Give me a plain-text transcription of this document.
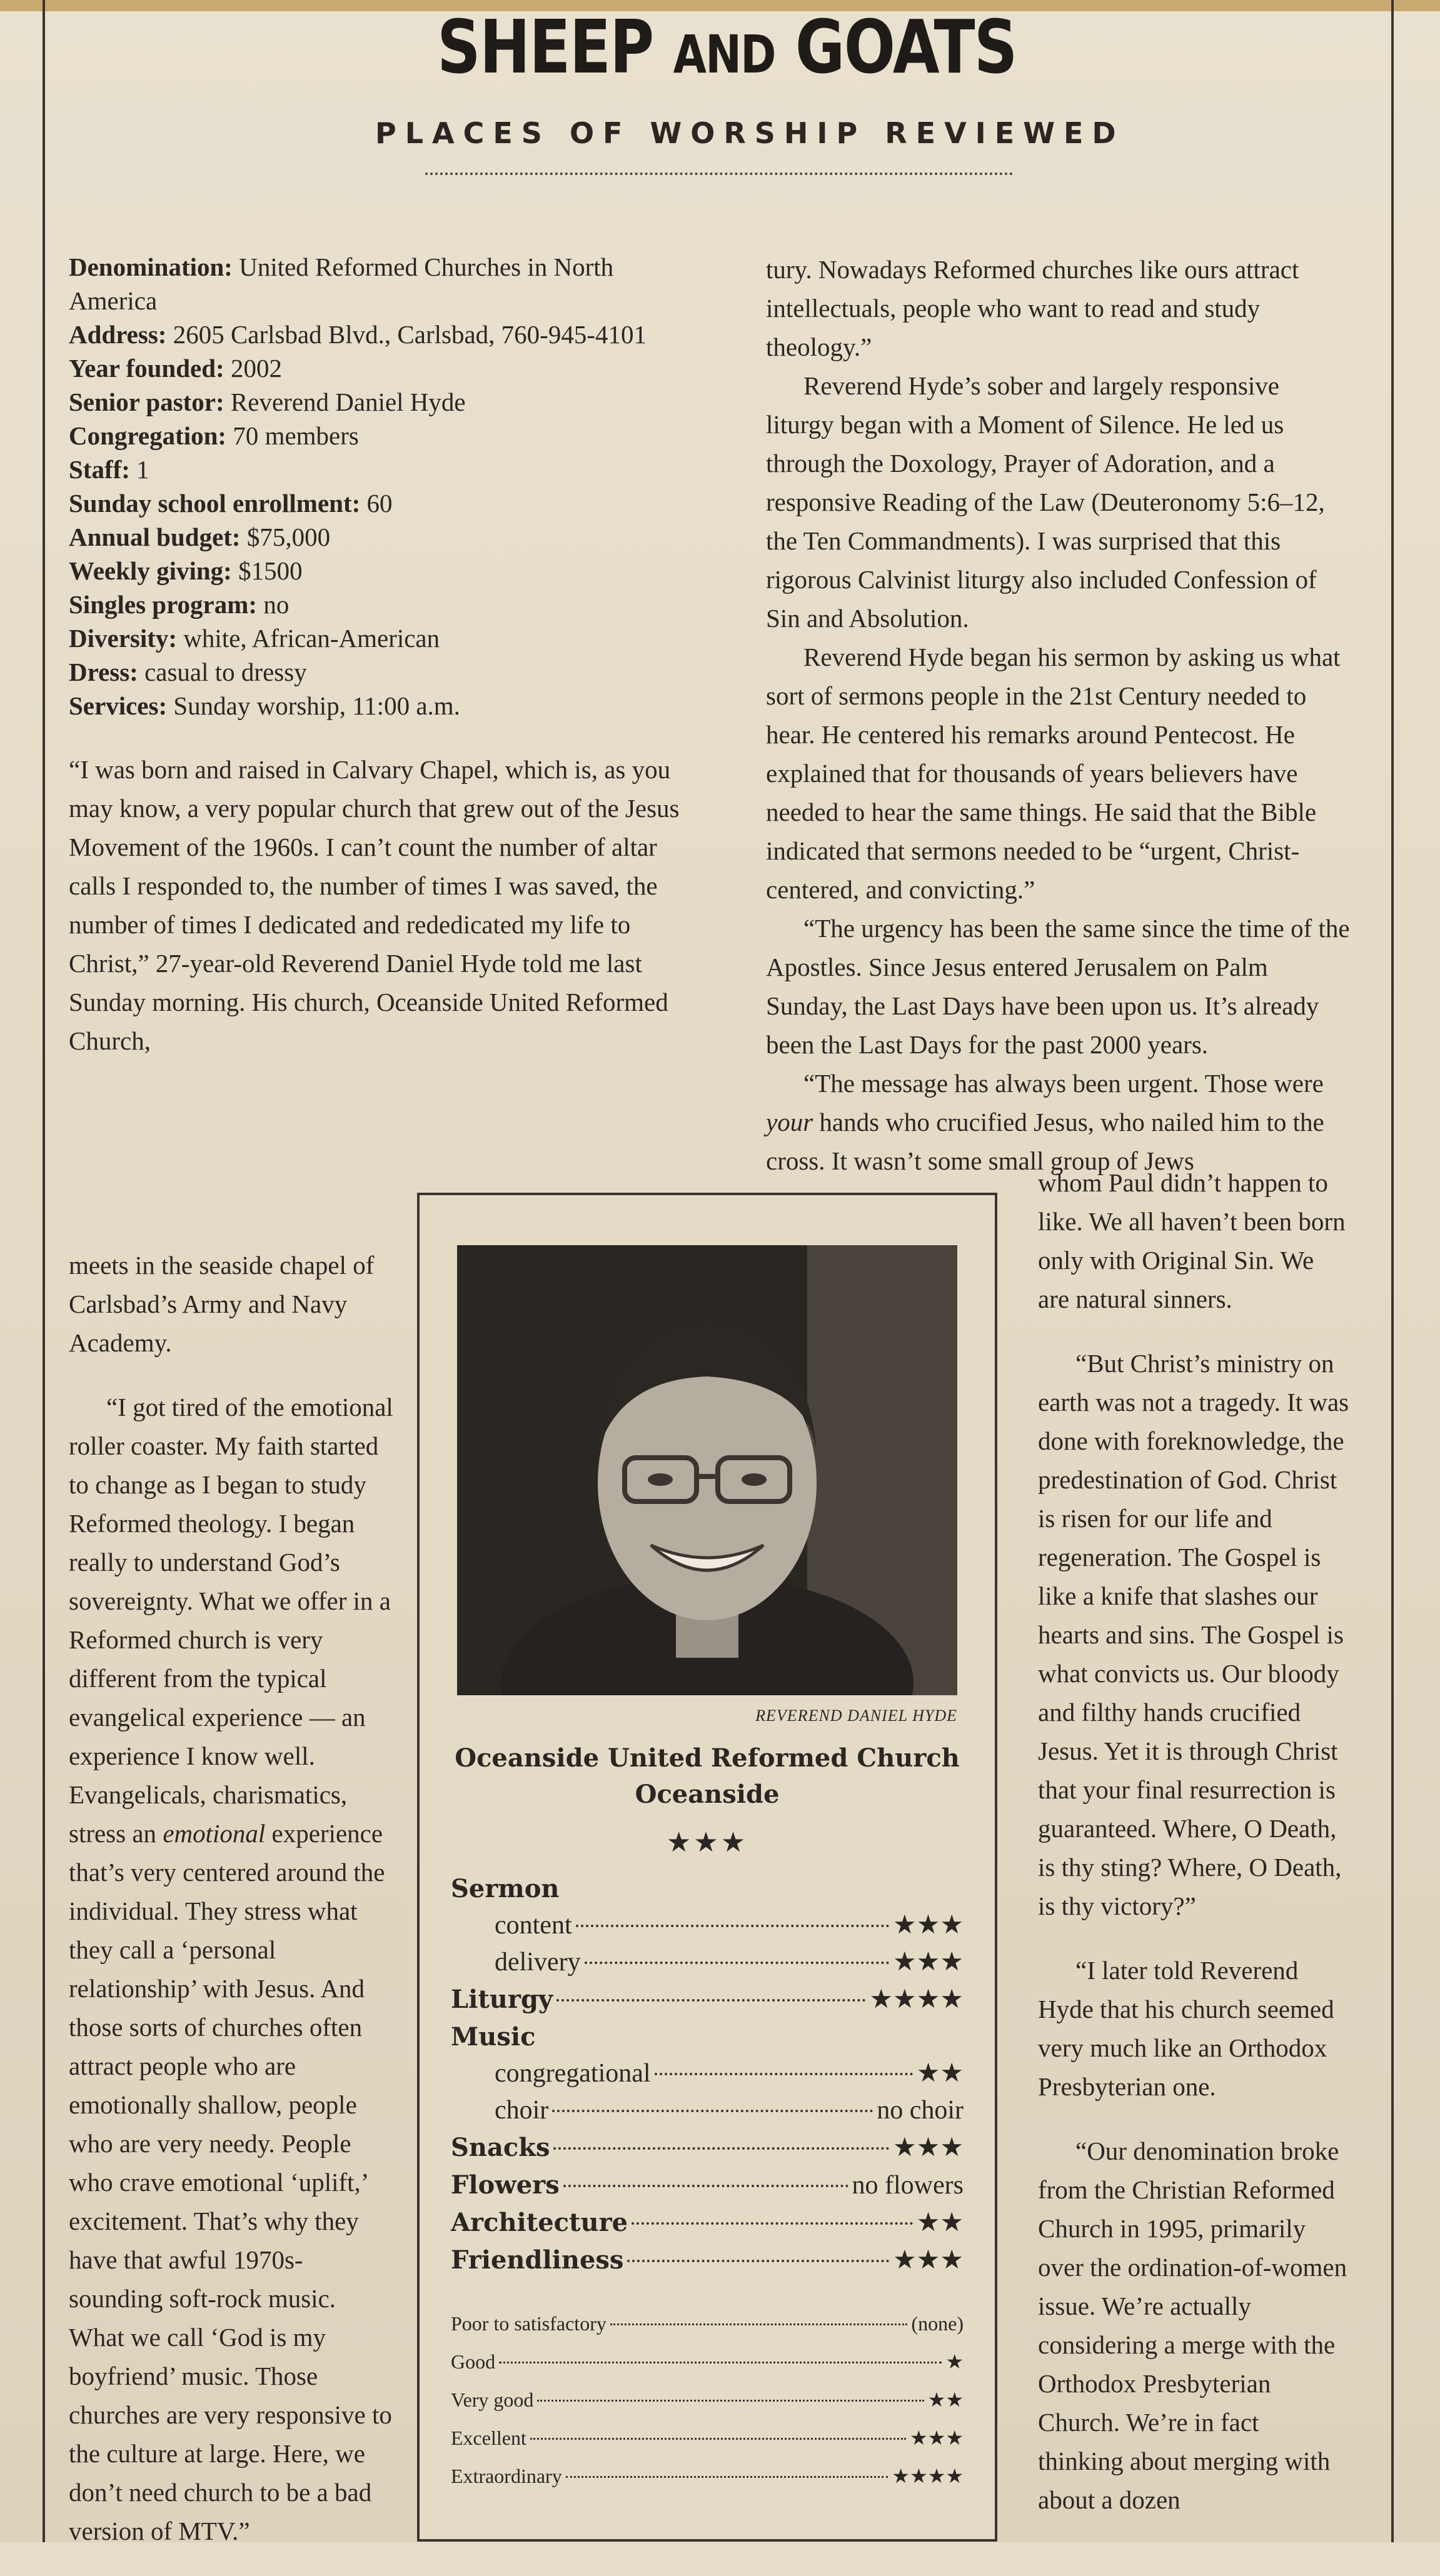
SHEEP AND GOATS
PLACES OF WORSHIP REVIEWED

Denomination: United Reformed Churches in North America

Address: 2605 Carlsbad Blvd., Carlsbad, 760-945-4101

Year founded: 2002

Senior pastor: Reverend Daniel Hyde

Congregation: 70 members

Staff: 1

Sunday school enrollment: 60

Annual budget: $75,000

Weekly giving: $1500

Singles program: no

Diversity: white, African-American

Dress: casual to dressy

Services: Sunday worship, 11:00 a.m.

“I was born and raised in Calvary Chapel, which is, as you may know, a very popular church that grew out of the Jesus Movement of the 1960s. I can’t count the number of altar calls I responded to, the number of times I was saved, the number of times I dedicated and rededicated my life to Christ,” 27-year-old Reverend Daniel Hyde told me last Sunday morning. His church, Oceanside United Reformed Church,

meets in the seaside chapel of Carlsbad’s Army and Navy Academy.

“I got tired of the emotional roller coaster. My faith started to change as I began to study Reformed theology. I began really to understand God’s sovereignty. What we offer in a Reformed church is very different from the typical evangelical experience — an experience I know well. Evangelicals, charismatics, stress an emotional experience that’s very centered around the individual. They stress what they call a ‘personal relationship’ with Jesus. And those sorts of churches often attract people who are emotionally shallow, people who are very needy. People who crave emotional ‘uplift,’ excitement. That’s why they have that awful 1970s-sounding soft-rock music. What we call ‘God is my boyfriend’ music. Those churches are very responsive to the culture at large. Here, we don’t need church to be a bad version of MTV.”

tury. Nowadays Reformed churches like ours attract intellectuals, people who want to read and study theology.”

Reverend Hyde’s sober and largely responsive liturgy began with a Moment of Silence. He led us through the Doxology, Prayer of Adoration, and a responsive Reading of the Law (Deuteronomy 5:6–12, the Ten Commandments). I was surprised that this rigorous Calvinist liturgy also included Confession of Sin and Absolution.

Reverend Hyde began his sermon by asking us what sort of sermons people in the 21st Century needed to hear. He centered his remarks around Pentecost. He explained that for thousands of years believers have needed to hear the same things. He said that the Bible indicated that sermons needed to be “urgent, Christ-centered, and convicting.”

“The urgency has been the same since the time of the Apostles. Since Jesus entered Jerusalem on Palm Sunday, the Last Days have been upon us. It’s already been the Last Days for the past 2000 years.

“The message has always been urgent. Those were your hands who crucified Jesus, who nailed him to the cross. It wasn’t some small group of Jews

whom Paul didn’t happen to like. We all haven’t been born only with Original Sin. We are natural sinners.

“But Christ’s ministry on earth was not a tragedy. It was done with foreknowledge, the predestination of God. Christ is risen for our life and regeneration. The Gospel is like a knife that slashes our hearts and sins. The Gospel is what convicts us. Our bloody and filthy hands crucified Jesus. Yet it is through Christ that your final resurrection is guaranteed. Where, O Death, is thy sting? Where, O Death, is thy victory?”

“I later told Reverend Hyde that his church seemed very much like an Orthodox Presbyterian one.

“Our denomination broke from the Christian Reformed Church in 1995, primarily over the ordination-of-women issue. We’re actually considering a merge with the Orthodox Presbyterian Church. We’re in fact thinking about merging with about a dozen

REVEREND DANIEL HYDE
Oceanside United Reformed Church
Oceanside
★★★
Sermon
content	★★★
delivery	★★★
Liturgy	★★★★
Music
congregational	★★
choir	no choir
Snacks	★★★
Flowers	no flowers
Architecture	★★
Friendliness	★★★
Poor to satisfactory	(none)
Good	★
Very good	★★
Excellent	★★★
Extraordinary	★★★★
